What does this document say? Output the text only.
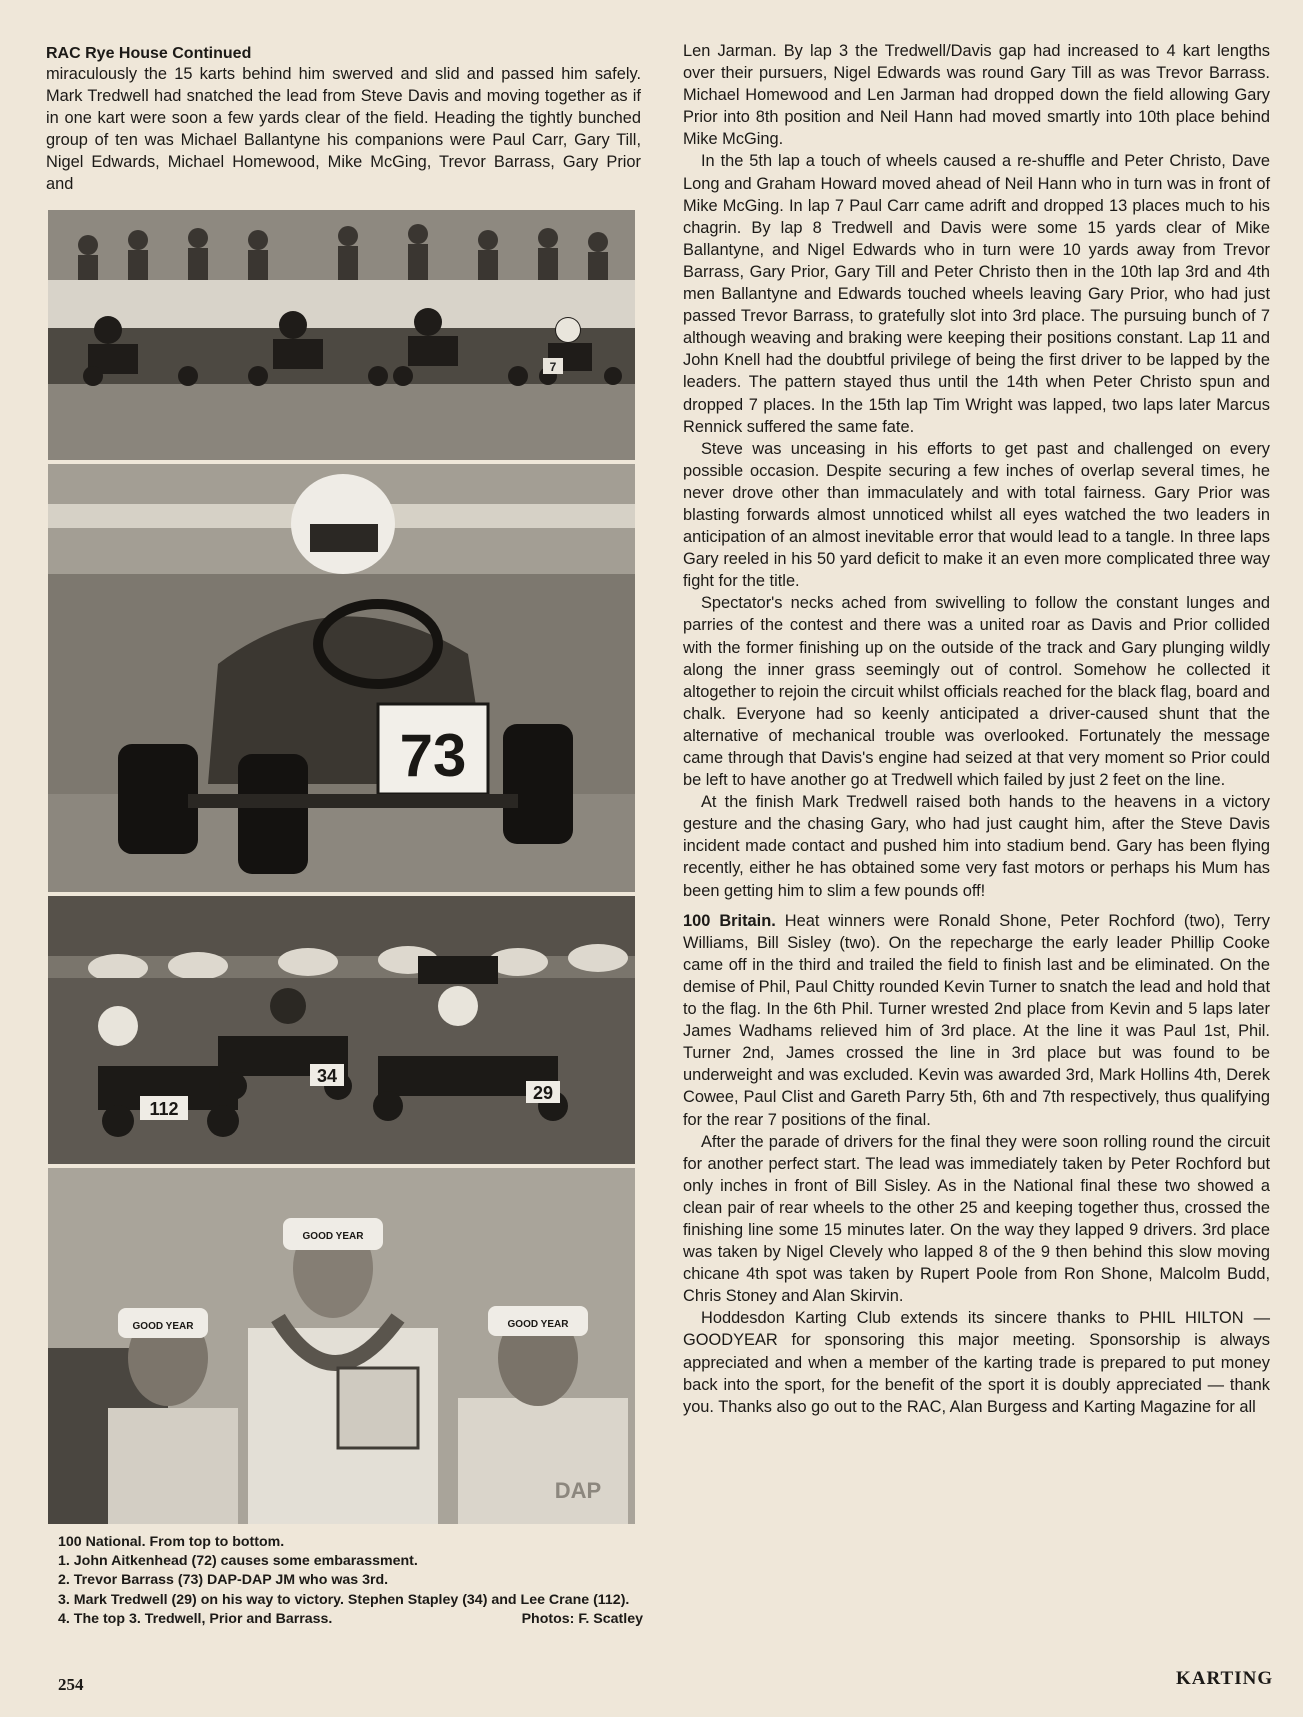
RAC Rye House Continued

miraculously the 15 karts behind him swerved and slid and passed him safely. Mark Tredwell had snatched the lead from Steve Davis and moving together as if in one kart were soon a few yards clear of the field. Heading the tightly bunched group of ten was Michael Ballantyne his companions were Paul Carr, Gary Till, Nigel Edwards, Michael Homewood, Mike McGing, Trevor Barrass, Gary Prior and

7
73
112
34
29
GOOD YEAR
GOOD YEAR
GOOD YEAR
DAP
100 National. From top to bottom.
1. John Aitkenhead (72) causes some embarassment.
2. Trevor Barrass (73) DAP-DAP JM who was 3rd.
3. Mark Tredwell (29) on his way to victory. Stephen Stapley (34) and Lee Crane (112).
4. The top 3. Tredwell, Prior and Barrass.	Photos: F. Scatley

Len Jarman. By lap 3 the Tredwell/Davis gap had increased to 4 kart lengths over their pursuers, Nigel Edwards was round Gary Till as was Trevor Barrass. Michael Homewood and Len Jarman had dropped down the field allowing Gary Prior into 8th position and Neil Hann had moved smartly into 10th place behind Mike McGing.

In the 5th lap a touch of wheels caused a re-shuffle and Peter Christo, Dave Long and Graham Howard moved ahead of Neil Hann who in turn was in front of Mike McGing. In lap 7 Paul Carr came adrift and dropped 13 places much to his chagrin. By lap 8 Tredwell and Davis were some 15 yards clear of Mike Ballantyne, and Nigel Edwards who in turn were 10 yards away from Trevor Barrass, Gary Prior, Gary Till and Peter Christo then in the 10th lap 3rd and 4th men Ballantyne and Edwards touched wheels leaving Gary Prior, who had just passed Trevor Barrass, to gratefully slot into 3rd place. The pursuing bunch of 7 although weaving and braking were keeping their positions constant. Lap 11 and John Knell had the doubtful privilege of being the first driver to be lapped by the leaders. The pattern stayed thus until the 14th when Peter Christo spun and dropped 7 places. In the 15th lap Tim Wright was lapped, two laps later Marcus Rennick suffered the same fate.

Steve was unceasing in his efforts to get past and challenged on every possible occasion. Despite securing a few inches of overlap several times, he never drove other than immaculately and with total fairness. Gary Prior was blasting forwards almost unnoticed whilst all eyes watched the two leaders in anticipation of an almost inevitable error that would lead to a tangle. In three laps Gary reeled in his 50 yard deficit to make it an even more complicated three way fight for the title.

Spectator's necks ached from swivelling to follow the constant lunges and parries of the contest and there was a united roar as Davis and Prior collided with the former finishing up on the outside of the track and Gary plunging wildly along the inner grass seemingly out of control. Somehow he collected it altogether to rejoin the circuit whilst officials reached for the black flag, board and chalk. Everyone had so keenly anticipated a driver-caused shunt that the alternative of mechanical trouble was overlooked. Fortunately the message came through that Davis's engine had seized at that very moment so Prior could be left to have another go at Tredwell which failed by just 2 feet on the line.

At the finish Mark Tredwell raised both hands to the heavens in a victory gesture and the chasing Gary, who had just caught him, after the Steve Davis incident made contact and pushed him into stadium bend. Gary has been flying recently, either he has obtained some very fast motors or perhaps his Mum has been getting him to slim a few pounds off!

100 Britain. Heat winners were Ronald Shone, Peter Rochford (two), Terry Williams, Bill Sisley (two). On the repecharge the early leader Phillip Cooke came off in the third and trailed the field to finish last and be eliminated. On the demise of Phil, Paul Chitty rounded Kevin Turner to snatch the lead and hold that to the flag. In the 6th Phil. Turner wrested 2nd place from Kevin and 5 laps later James Wadhams relieved him of 3rd place. At the line it was Paul 1st, Phil. Turner 2nd, James crossed the line in 3rd place but was found to be underweight and was excluded. Kevin was awarded 3rd, Mark Hollins 4th, Derek Cowee, Paul Clist and Gareth Parry 5th, 6th and 7th respectively, thus qualifying for the rear 7 positions of the final.

After the parade of drivers for the final they were soon rolling round the circuit for another perfect start. The lead was immediately taken by Peter Rochford but only inches in front of Bill Sisley. As in the National final these two showed a clean pair of rear wheels to the other 25 and keeping together thus, crossed the finishing line some 15 minutes later. On the way they lapped 9 drivers. 3rd place was taken by Nigel Clevely who lapped 8 of the 9 then behind this slow moving chicane 4th spot was taken by Rupert Poole from Ron Shone, Malcolm Budd, Chris Stoney and Alan Skirvin.

Hoddesdon Karting Club extends its sincere thanks to PHIL HILTON — GOODYEAR for sponsoring this major meeting. Sponsorship is always appreciated and when a member of the karting trade is prepared to put money back into the sport, for the benefit of the sport it is doubly appreciated — thank you. Thanks also go out to the RAC, Alan Burgess and Karting Magazine for all

254	KARTING
